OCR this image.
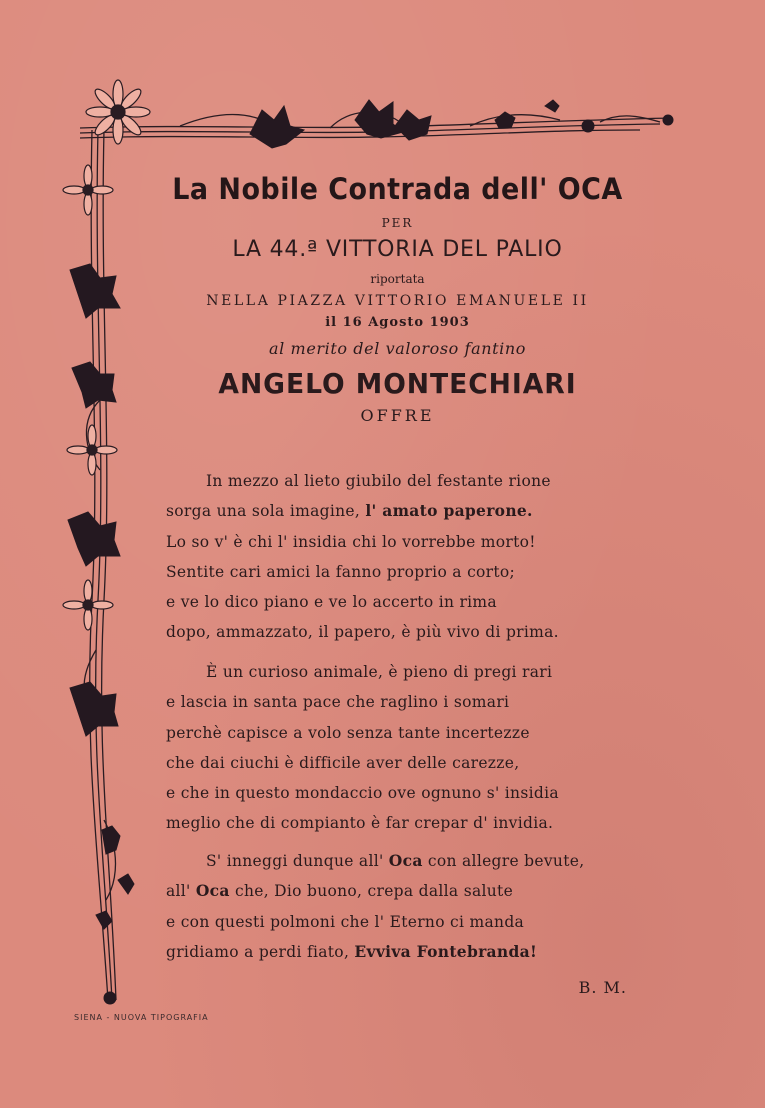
La Nobile Contrada dell' OCA
PER
LA 44.ª VITTORIA DEL PALIO
riportata
NELLA PIAZZA VITTORIO EMANUELE II
il 16 Agosto 1903
al merito del valoroso fantino
ANGELO MONTECHIARI
OFFRE
In mezzo al lieto giubilo del festante rione
sorga una sola imagine, l' amato paperone.
Lo so v' è chi l' insidia chi lo vorrebbe morto!
Sentite cari amici la fanno proprio a corto;
e ve lo dico piano e ve lo accerto in rima
dopo, ammazzato, il papero, è più vivo di prima.
È un curioso animale, è pieno di pregi rari
e lascia in santa pace che raglino i somari
perchè capisce a volo senza tante incertezze
che dai ciuchi è difficile aver delle carezze,
e che in questo mondaccio ove ognuno s' insidia
meglio che di compianto è far crepar d' invidia.
S' inneggi dunque all' Oca con allegre bevute,
all' Oca che, Dio buono, crepa dalla salute
e con questi polmoni che l' Eterno ci manda
gridiamo a perdi fiato, Evviva Fontebranda!
B. M.
SIENA - NUOVA TIPOGRAFIA
